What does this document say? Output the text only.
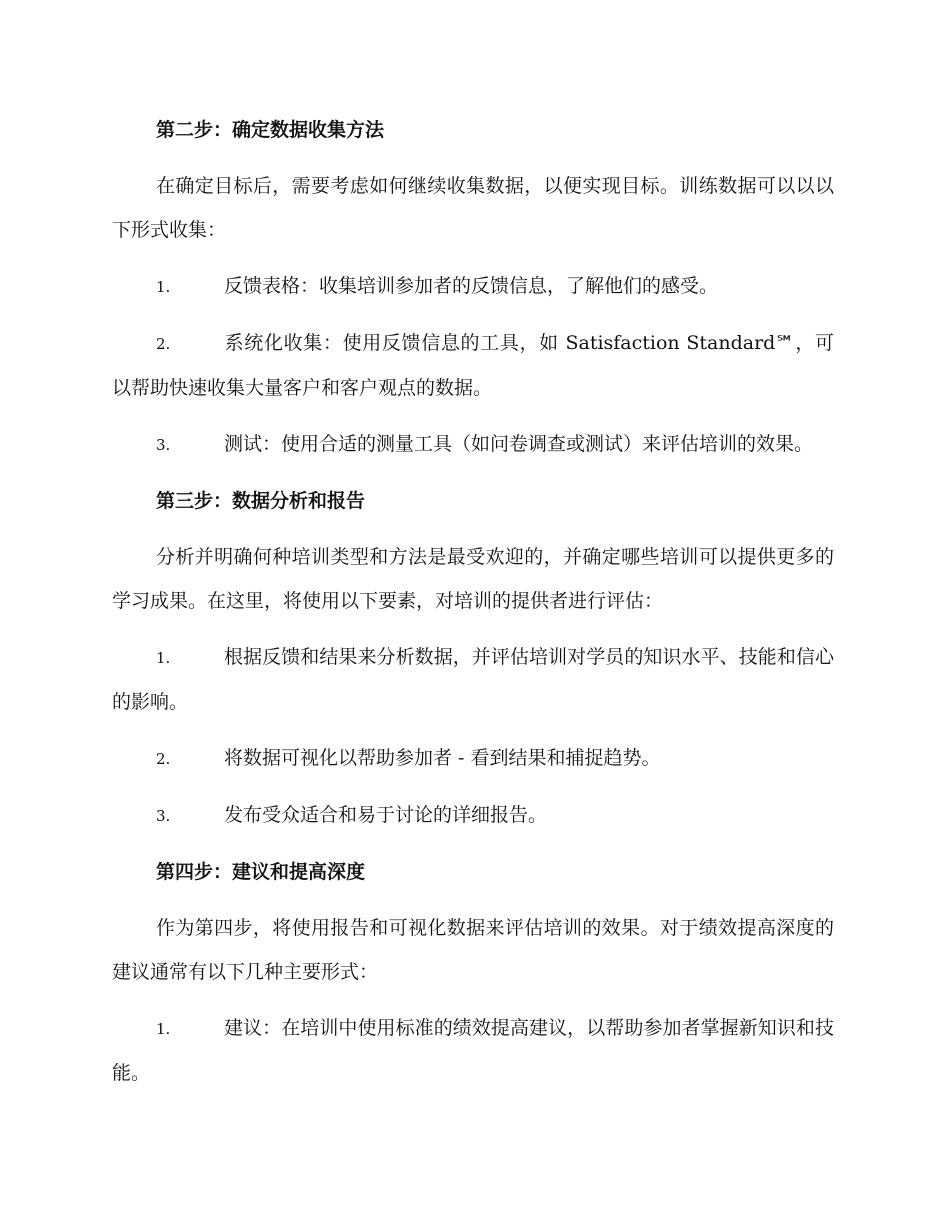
第二步：确定数据收集方法

在确定目标后，需要考虑如何继续收集数据，以便实现目标。训练数据可以以以下形式收集：

1.	反馈表格：收集培训参加者的反馈信息，了解他们的感受。

2.	系统化收集：使用反馈信息的工具，如 Satisfaction Standard℠，可以帮助快速收集大量客户和客户观点的数据。

3.	测试：使用合适的测量工具（如问卷调查或测试）来评估培训的效果。

第三步：数据分析和报告

分析并明确何种培训类型和方法是最受欢迎的，并确定哪些培训可以提供更多的学习成果。在这里，将使用以下要素，对培训的提供者进行评估：

1.	根据反馈和结果来分析数据，并评估培训对学员的知识水平、技能和信心的影响。

2.	将数据可视化以帮助参加者 - 看到结果和捕捉趋势。

3.	发布受众适合和易于讨论的详细报告。

第四步：建议和提高深度

作为第四步，将使用报告和可视化数据来评估培训的效果。对于绩效提高深度的建议通常有以下几种主要形式：

1.	建议：在培训中使用标准的绩效提高建议，以帮助参加者掌握新知识和技能。
